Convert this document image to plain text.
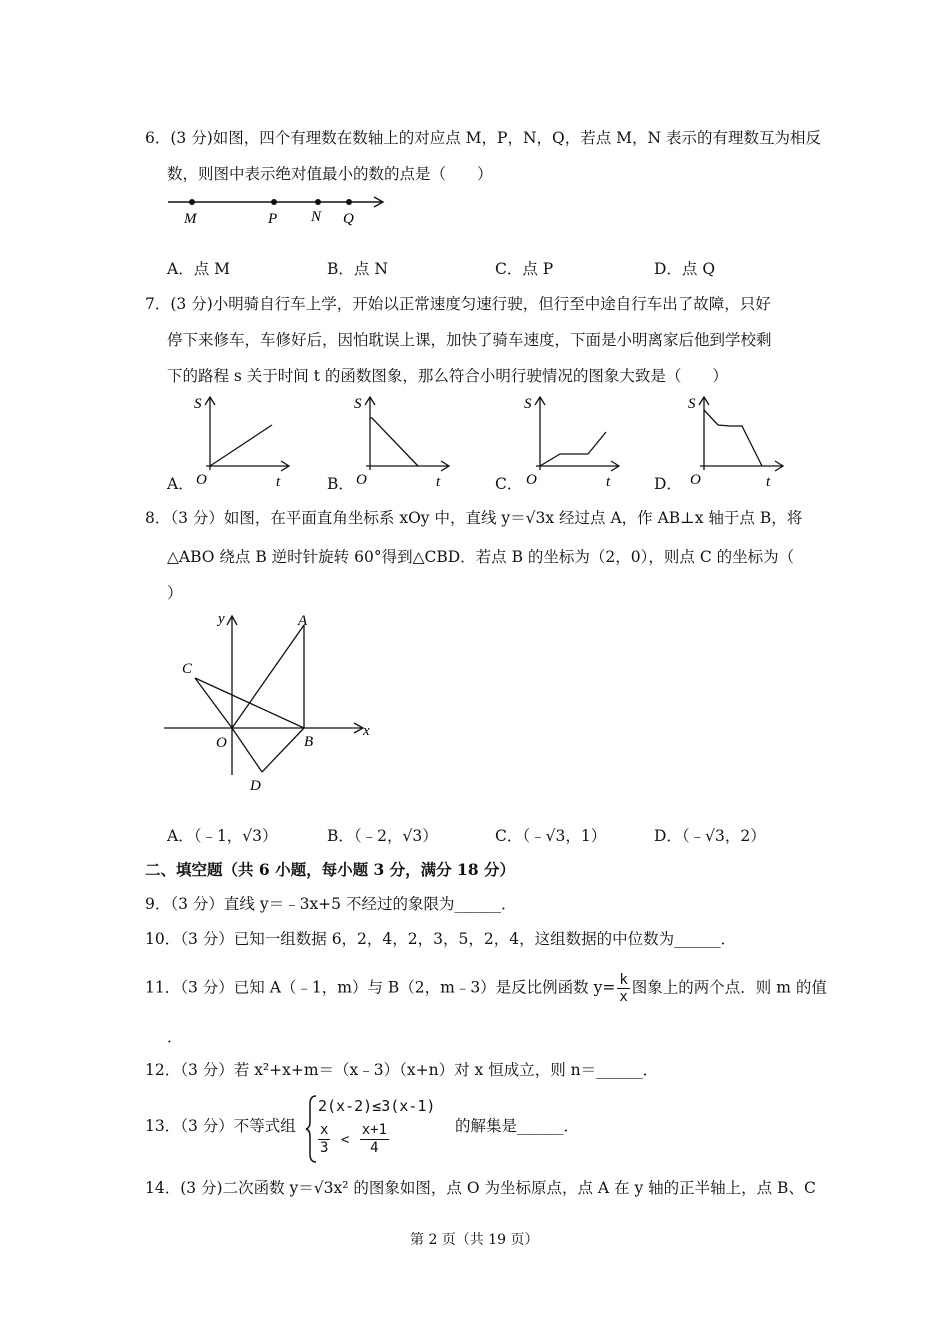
6．(3 分)如图，四个有理数在数轴上的对应点 M，P，N，Q，若点 M，N 表示的有理数互为相反
数，则图中表示绝对值最小的数的点是（　　）
M	P N Q
A．点 M	B．点 N	C．点 P	D．点 Q
7．(3 分)小明骑自行车上学，开始以正常速度匀速行驶，但行至中途自行车出了故障，只好
停下来修车，车修好后，因怕耽误上课，加快了骑车速度，下面是小明离家后他到学校剩
下的路程 s 关于时间 t 的函数图象，那么符合小明行驶情况的图象大致是（　　）
A．
S
O	t	B．
S
O	t	C．
S
O	t	D．
S
O	t
8．（3 分）如图，在平面直角坐标系 xOy 中，直线 y＝√3x 经过点 A，作 AB⊥x 轴于点 B，将
△ABO 绕点 B 逆时针旋转 60°得到△CBD．若点 B 的坐标为（2，0），则点 C 的坐标为（
）
y	A
C
O	B
x
D
A．（﹣1，√3）	B．（﹣2，√3）	C．（﹣√3，1）	D．（﹣√3，2）
二、填空题（共 6 小题，每小题 3 分，满分 18 分）
9．（3 分）直线 y＝﹣3x+5 不经过的象限为______．
10．（3 分）已知一组数据 6，2，4，2，3，5，2，4，这组数据的中位数为______．
11．（3 分）已知 A（﹣1，m）与 B（2，m﹣3）是反比例函数 $y= \frac{k}{x}$ 图象上的两个点．则 m 的值
．
12．（3 分）若 x²+x+m＝（x﹣3）（x+n）对 x 恒成立，则 n＝______．
13．（3 分）不等式组
2(x-2)≤3(x-1)
$\frac{x}{3} < \frac{x+1}{4}$	的解集是______．
14．(3 分)二次函数 y＝√3x² 的图象如图，点 O 为坐标原点，点 A 在 y 轴的正半轴上，点 B、C
第 2 页（共 19 页）
